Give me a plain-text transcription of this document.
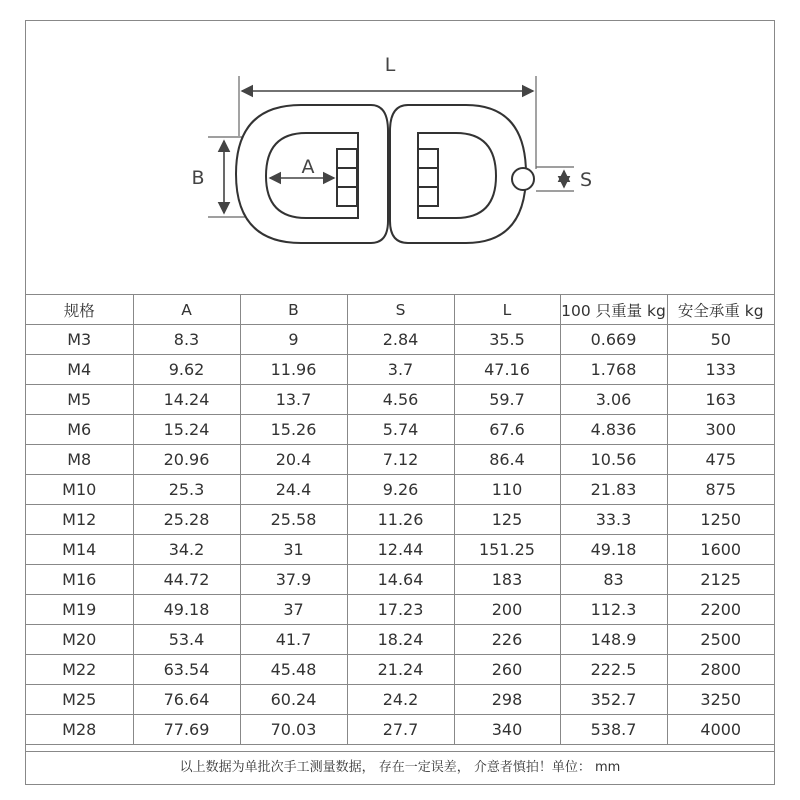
L
B	A
S
规格	A	B	S	L	100 只重量 kg	安全承重 kg
M3	8.3	9	2.84	35.5	0.669	50
M4	9.62	11.96	3.7	47.16	1.768	133
M5	14.24	13.7	4.56	59.7	3.06	163
M6	15.24	15.26	5.74	67.6	4.836	300
M8	20.96	20.4	7.12	86.4	10.56	475
M10	25.3	24.4	9.26	110	21.83	875
M12	25.28	25.58	11.26	125	33.3	1250
M14	34.2	31	12.44	151.25	49.18	1600
M16	44.72	37.9	14.64	183	83	2125
M19	49.18	37	17.23	200	112.3	2200
M20	53.4	41.7	18.24	226	148.9	2500
M22	63.54	45.48	21.24	260	222.5	2800
M25	76.64	60.24	24.2	298	352.7	3250
M28	77.69	70.03	27.7	340	538.7	4000
以上数据为单批次手工测量数据， 存在一定误差， 介意者慎拍！单位： mm
